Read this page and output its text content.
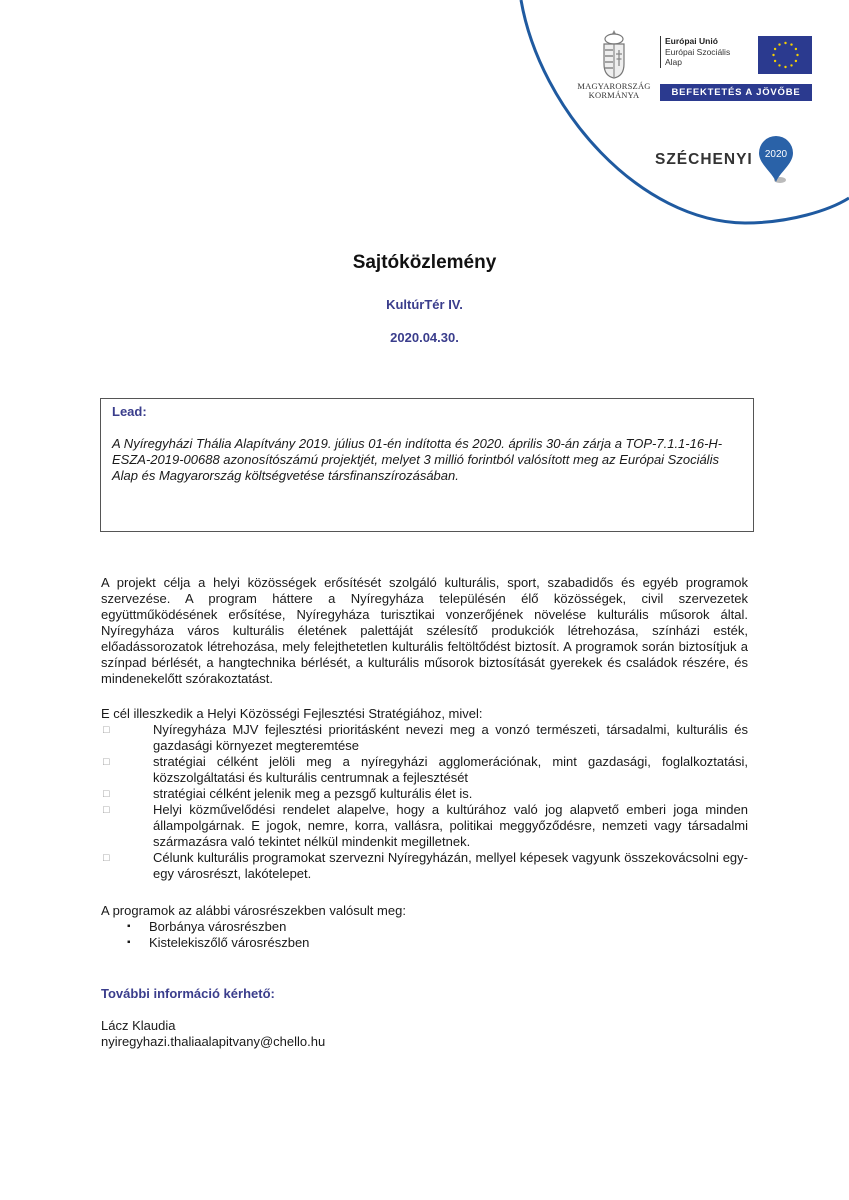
MAGYARORSZÁG
KORMÁNYA
Európai Unió
Európai Szociális
Alap
BEFEKTETÉS A JÖVŐBE
SZÉCHENYI 2020
Sajtóközlemény
KultúrTér IV.
2020.04.30.
Lead:
A Nyíregyházi Thália Alapítvány 2019. július 01-én indította és 2020. április 30-án zárja a TOP-7.1.1-16-H-ESZA-2019-00688 azonosítószámú projektjét, melyet 3 millió forintból valósított meg az Európai Szociális Alap és Magyarország költségvetése társfinanszírozásában.
A projekt célja a helyi közösségek erősítését szolgáló kulturális, sport, szabadidős és egyéb programok szervezése. A program háttere a Nyíregyháza településén élő közösségek, civil szervezetek együttműködésének erősítése, Nyíregyháza turisztikai vonzerőjének növelése kulturális műsorok által. Nyíregyháza város kulturális életének palettáját szélesítő produkciók létrehozása, színházi esték, előadássorozatok létrehozása, mely felejthetetlen kulturális feltöltődést biztosít. A programok során biztosítjuk a színpad bérlését, a hangtechnika bérlését, a kulturális műsorok biztosítását gyerekek és családok részére, és mindenekelőtt szórakoztatást.
E cél illeszkedik a Helyi Közösségi Fejlesztési Stratégiához, mivel:
□	Nyíregyháza MJV fejlesztési prioritásként nevezi meg a vonzó természeti, társadalmi, kulturális és gazdasági környezet megteremtése
□	stratégiai célként jelöli meg a nyíregyházi agglomerációnak, mint gazdasági, foglalkoztatási, közszolgáltatási és kulturális centrumnak a fejlesztését
□	stratégiai célként jelenik meg a pezsgő kulturális élet is.
□	Helyi közművelődési rendelet alapelve, hogy a kultúrához való jog alapvető emberi joga minden állampolgárnak. E jogok, nemre, korra, vallásra, politikai meggyőződésre, nemzeti vagy társadalmi származásra való tekintet nélkül mindenkit megilletnek.
□	Célunk kulturális programokat szervezni Nyíregyházán, mellyel képesek vagyunk összekovácsolni egy-egy városrészt, lakótelepet.
A programok az alábbi városrészekben valósult meg:
▪	Borbánya városrészben
▪	Kistelekiszőlő városrészben
További információ kérhető:
Lácz Klaudia
nyiregyhazi.thaliaalapitvany@chello.hu
